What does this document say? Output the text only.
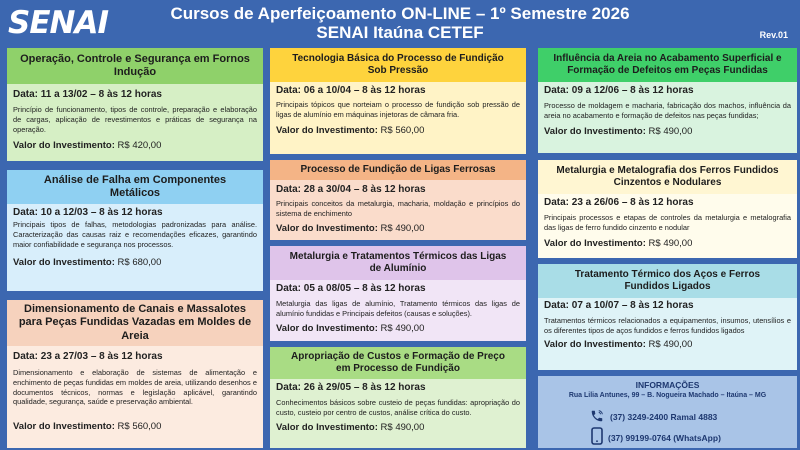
SENAI	Cursos de Aperfeiçoamento ON-LINE – 1º Semestre 2026
SENAI Itaúna CETEF	Rev.01
Operação, Controle e Segurança em Fornos Indução
Data: 11 a 13/02 – 8 às 12 horas
Princípio de funcionamento, tipos de controle, preparação e elaboração de cargas, aplicação de revestimentos e práticas de segurança na operação.
Valor do Investimento: R$ 420,00
Análise de Falha em Componentes Metálicos
Data: 10 a 12/03 – 8 às 12 horas
Principais tipos de falhas, metodologias padronizadas para análise. Caracterização das causas raiz e recomendações eficazes, garantindo maior confiabilidade e segurança nos processos.
Valor do Investimento: R$ 680,00
Dimensionamento de Canais e Massalotes para Peças Fundidas Vazadas em Moldes de Areia
Data: 23 a 27/03 – 8 às 12 horas
Dimensionamento e elaboração de sistemas de alimentação e enchimento de peças fundidas em moldes de areia, utilizando desenhos e documentos técnicos, normas e legislação aplicável, garantindo qualidade, segurança, saúde e preservação ambiental.
Valor do Investimento: R$ 560,00
Tecnologia Básica do Processo de Fundição Sob Pressão
Data: 06 a 10/04 – 8 às 12 horas
Principais tópicos que norteiam o processo de fundição sob pressão de ligas de alumínio em máquinas injetoras de câmara fria.
Valor do Investimento: R$ 560,00
Processo de Fundição de Ligas Ferrosas
Data: 28 a 30/04 – 8 às 12 horas
Principais conceitos da metalurgia, macharia, moldação e princípios do sistema de enchimento
Valor do Investimento: R$ 490,00
Metalurgia e Tratamentos Térmicos das Ligas de Alumínio
Data: 05 a 08/05 – 8 às 12 horas
Metalurgia das ligas de alumínio, Tratamento térmicos das ligas de alumínio fundidas e Principais defeitos (causas e soluções).
Valor do Investimento: R$ 490,00
Apropriação de Custos e Formação de Preço em Processo de Fundição
Data: 26 à 29/05 – 8 às 12 horas
Conhecimentos básicos sobre custeio de peças fundidas: apropriação do custo, custeio por centro de custos, análise crítica do custo.
Valor do Investimento: R$ 490,00
Influência da Areia no Acabamento Superficial e Formação de Defeitos em Peças Fundidas
Data: 09 a 12/06 – 8 às 12 horas
Processo de moldagem e macharia, fabricação dos machos, influência da areia no acabamento e formação de defeitos nas peças fundidas;
Valor do Investimento: R$ 490,00
Metalurgia e Metalografia dos Ferros Fundidos Cinzentos e Nodulares
Data: 23 a 26/06 – 8 às 12 horas
Principais processos e etapas de controles da metalurgia e metalografia das ligas de ferro fundido cinzento e nodular
Valor do Investimento: R$ 490,00
Tratamento Térmico dos Aços e Ferros Fundidos Ligados
Data: 07 a 10/07 – 8 às 12 horas
Tratamentos térmicos relacionados a equipamentos, insumos, utensílios e os diferentes tipos de aços fundidos e ferros fundidos ligados
Valor do Investimento: R$ 490,00
INFORMAÇÕES
Rua Lilia Antunes, 99 – B. Nogueira Machado – Itaúna – MG
(37) 3249-2400 Ramal 4883
(37) 99199-0764 (WhatsApp)
